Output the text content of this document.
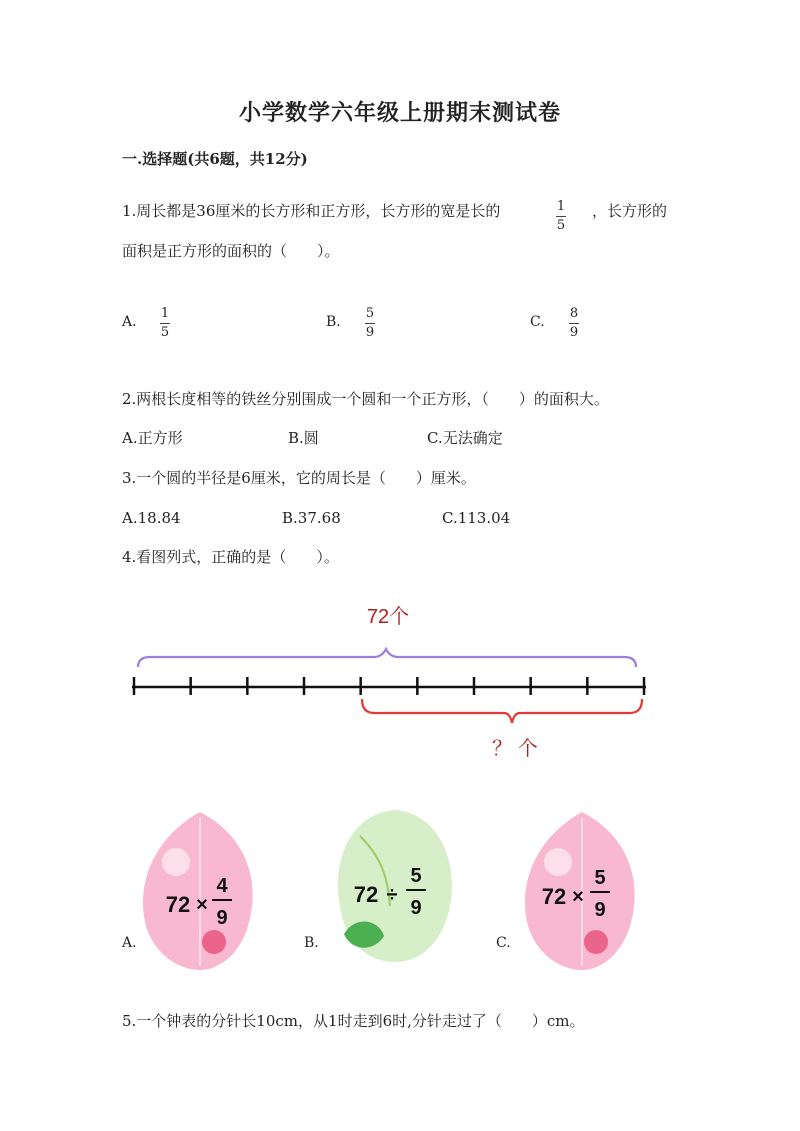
小学数学六年级上册期末测试卷
一.选择题(共6题，共12分)
1.周长都是36厘米的长方形和正方形，长方形的宽是长的	1
5
，长方形的
面积是正方形的面积的（　　）。
A.
1
5
B.
5
9
C.
8
9
2.两根长度相等的铁丝分别围成一个圆和一个正方形，（　　）的面积大。
A.正方形	B.圆	C.无法确定
3.一个圆的半径是6厘米，它的周长是（　　）厘米。
A.18.84	B.37.68	C.113.04
4.看图列式，正确的是（　　）。
72个
？ 个
A.
72 ×
4
9
B.
72 ÷
5
9
C.
72 ×
5
9
5.一个钟表的分针长10cm，从1时走到6时,分针走过了（　　）cm。
